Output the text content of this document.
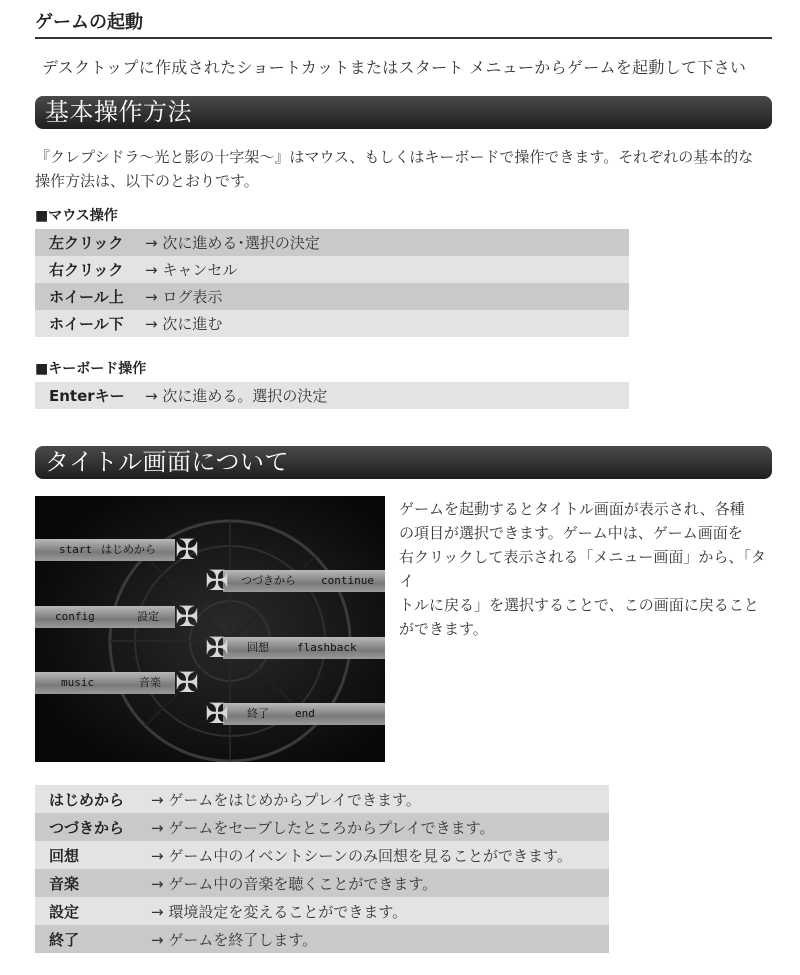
ゲームの起動
デスクトップに作成されたショートカットまたはスタート メニューからゲームを起動して下さい
基本操作方法
『クレプシドラ〜光と影の十字架〜』はマウス、もしくはキーボードで操作できます。それぞれの基本的な
操作方法は、以下のとおりです。
■マウス操作
左クリック	→ 次に進める･選択の決定
右クリック	→ キャンセル
ホイール上	→ ログ表示
ホイール下	→ 次に進む
■キーボード操作
Enterキー	→ 次に進める。選択の決定
タイトル画面について
start はじめから ✠
つづきから continue
✠
config	設定 ✠
回想	flashback
✠
music	音楽 ✠
終了 end
✠
ゲームを起動するとタイトル画面が表示され、各種
の項目が選択できます。ゲーム中は、ゲーム画面を
右クリックして表示される「メニュー画面」から、「タイ
トルに戻る」を選択することで、この画面に戻ること
ができます。
はじめから	→ ゲームをはじめからプレイできます。
つづきから	→ ゲームをセーブしたところからプレイできます。
回想	→ ゲーム中のイベントシーンのみ回想を見ることができます。
音楽	→ ゲーム中の音楽を聴くことができます。
設定	→ 環境設定を変えることができます。
終了	→ ゲームを終了します。
